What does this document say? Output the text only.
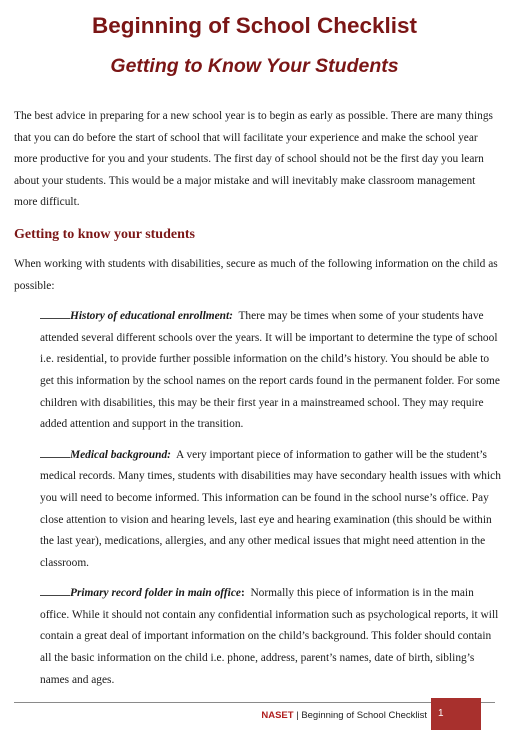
Beginning of School Checklist
Getting to Know Your Students

The best advice in preparing for a new school year is to begin as early as possible. There are many things that you can do before the start of school that will facilitate your experience and make the school year more productive for you and your students. The first day of school should not be the first day you learn about your students. This would be a major mistake and will inevitably make classroom management more difficult.

Getting to know your students

When working with students with disabilities, secure as much of the following information on the child as possible:

History of educational enrollment: There may be times when some of your students have attended several different schools over the years. It will be important to determine the type of school i.e. residential, to provide further possible information on the child’s history. You should be able to get this information by the school names on the report cards found in the permanent folder. For some children with disabilities, this may be their first year in a mainstreamed school. They may require added attention and support in the transition.

Medical background: A very important piece of information to gather will be the student’s medical records. Many times, students with disabilities may have secondary health issues with which you will need to become informed. This information can be found in the school nurse’s office. Pay close attention to vision and hearing levels, last eye and hearing examination (this should be within the last year), medications, allergies, and any other medical issues that might need attention in the classroom.

Primary record folder in main office: Normally this piece of information is in the main office. While it should not contain any confidential information such as psychological reports, it will contain a great deal of important information on the child’s background. This folder should contain all the basic information on the child i.e. phone, address, parent’s names, date of birth, sibling’s names and ages.

NASET | Beginning of School Checklist	1
